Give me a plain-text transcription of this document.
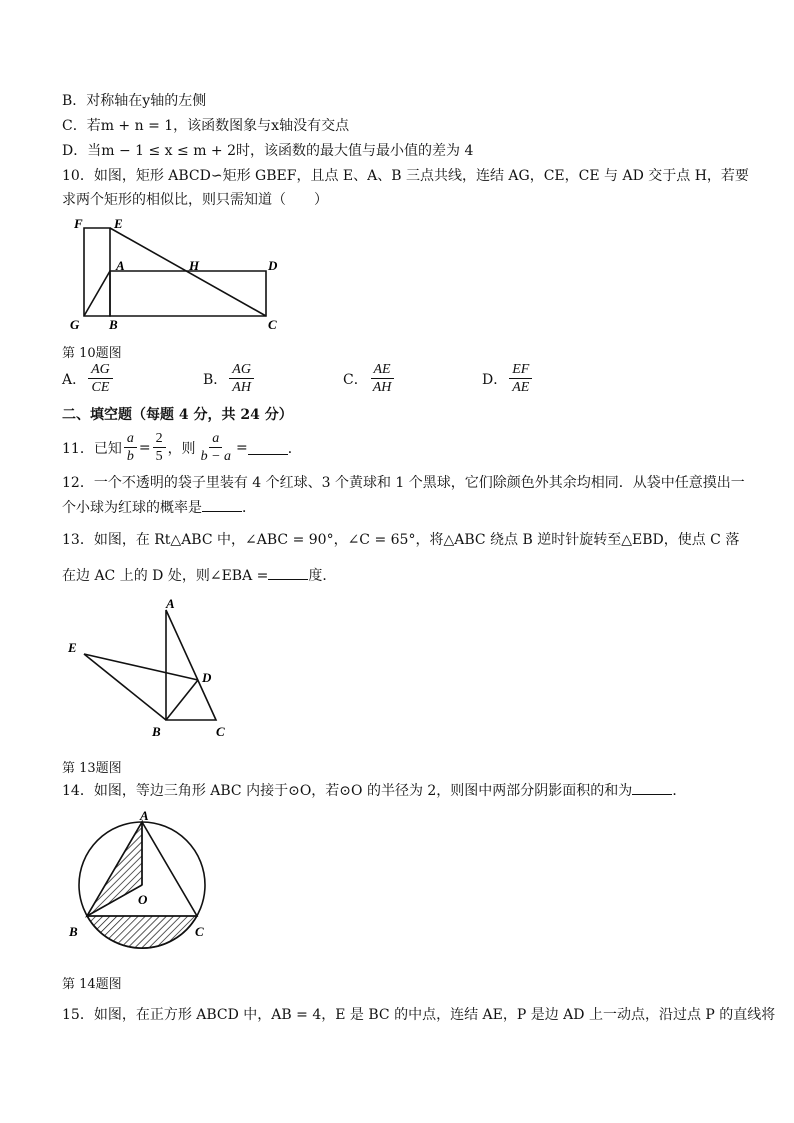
B．对称轴在y轴的左侧
C．若m + n = 1，该函数图象与x轴没有交点
D．当m − 1 ≤ x ≤ m + 2时，该函数的最大值与最小值的差为 4
10．如图，矩形 ABCD∽矩形 GBEF，且点 E、A、B 三点共线，连结 AG，CE，CE 与 AD 交于点 H，若要
求两个矩形的相似比，则只需知道（　　）
F E
A	H	D
G B	C
第 10题图
A． $\frac{AG}{CE}$	B． $\frac{AG}{AH}$	C． $\frac{AE}{AH}$	D． $\frac{EF}{AE}$
二、填空题（每题 4 分，共 24 分）
11．已知 $\frac{a}{b} = \frac{2}{5}$ ，则 $\frac{a}{b - a}$ =	．
12．一个不透明的袋子里装有 4 个红球、3 个黄球和 1 个黑球，它们除颜色外其余均相同．从袋中任意摸出一
个小球为红球的概率是	．
13．如图，在 Rt△ABC 中，∠ABC = 90°，∠C = 65°，将△ABC 绕点 B 逆时针旋转至△EBD，使点 C 落
在边 AC 上的 D 处，则∠EBA =	度．
A
E
D
B	C
第 13题图
14．如图，等边三角形 ABC 内接于⊙O，若⊙O 的半径为 2，则图中两部分阴影面积的和为	．
A
O
B	C
第 14题图
15．如图，在正方形 ABCD 中，AB = 4，E 是 BC 的中点，连结 AE，P 是边 AD 上一动点，沿过点 P 的直线将
